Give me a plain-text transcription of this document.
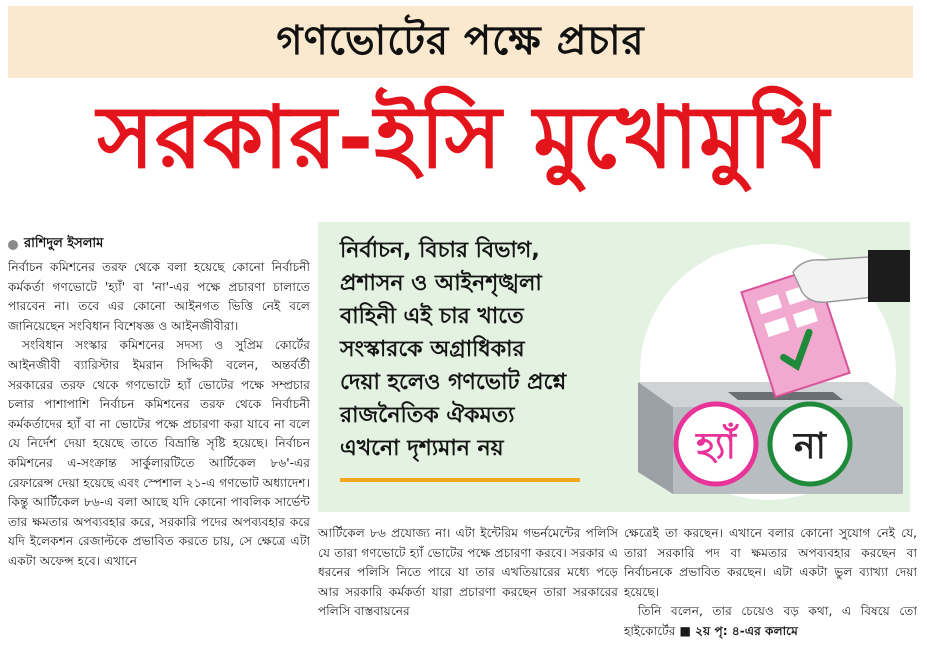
গণভোটের পক্ষে প্রচার
সরকার-ইসি মুখোমুখি
রাশিদুল ইসলাম

নির্বাচন কমিশনের তরফ থেকে বলা হয়েছে কোনো নির্বাচনী কর্মকর্তা গণভোটে 'হ্যাঁ' বা 'না'-এর পক্ষে প্রচারণা চালাতে পারবেন না। তবে এর কোনো আইনগত ভিত্তি নেই বলে জানিয়েছেন সংবিধান বিশেষজ্ঞ ও আইনজীবীরা।

সংবিধান সংস্কার কমিশনের সদস্য ও সুপ্রিম কোর্টের আইনজীবী ব্যারিস্টার ইমরান সিদ্দিকী বলেন, অন্তর্বর্তী সরকারের তরফ থেকে গণভোটে হ্যাঁ ভোটের পক্ষে সম্প্রচার চলার পাশাপাশি নির্বাচন কমিশনের তরফ থেকে নির্বাচনী কর্মকর্তাদের হ্যাঁ বা না ভোটের পক্ষে প্রচারণা করা যাবে না বলে যে নির্দেশ দেয়া হয়েছে তাতে বিভ্রান্তি সৃষ্টি হয়েছে। নির্বাচন কমিশনের এ-সংক্রান্ত সার্কুলারটিতে আর্টিকেল ৮৬'-এর রেফারেন্স দেয়া হয়েছে এবং স্পেশাল ২১-এ গণভোট অধ্যাদেশ। কিন্তু আর্টিকেল ৮৬-এ বলা আছে যদি কোনো পাবলিক সার্ভেন্ট তার ক্ষমতার অপব্যবহার করে, সরকারি পদের অপব্যবহার করে যদি ইলেকশন রেজাল্টকে প্রভাবিত করতে চায়, সে ক্ষেত্রে এটা একটা অফেন্স হবে। এখানে

নির্বাচন, বিচার বিভাগ,
প্রশাসন ও আইনশৃঙ্খলা
বাহিনী এই চার খাতে
সংস্কারকে অগ্রাধিকার
দেয়া হলেও গণভোট প্রশ্নে
রাজনৈতিক ঐকমত্য
এখনো দৃশ্যমান নয়	হ্যাঁ না

আর্টিকেল ৮৬ প্রযোজ্য না। এটা ইন্টেরিম গভর্নমেন্টের পলিসি যে তারা গণভোটে হ্যাঁ ভোটের পক্ষে প্রচারণা করবে। সরকার এ ধরনের পলিসি নিতে পারে যা তার এখতিয়ারের মধ্যে পড়ে আর সরকারি কর্মকর্তা যারা প্রচারণা করছেন তারা সরকারের পলিসি বাস্তবায়নের

ক্ষেত্রেই তা করছেন। এখানে বলার কোনো সুযোগ নেই যে, তারা সরকারি পদ বা ক্ষমতার অপব্যবহার করছেন বা নির্বাচনকে প্রভাবিত করছেন। এটা একটা ভুল ব্যাখ্যা দেয়া হয়েছে।

তিনি বলেন, তার চেয়েও বড় কথা, এ বিষয়ে তো হাইকোর্টের ■ ২য় পৃ: ৪-এর কলামে
